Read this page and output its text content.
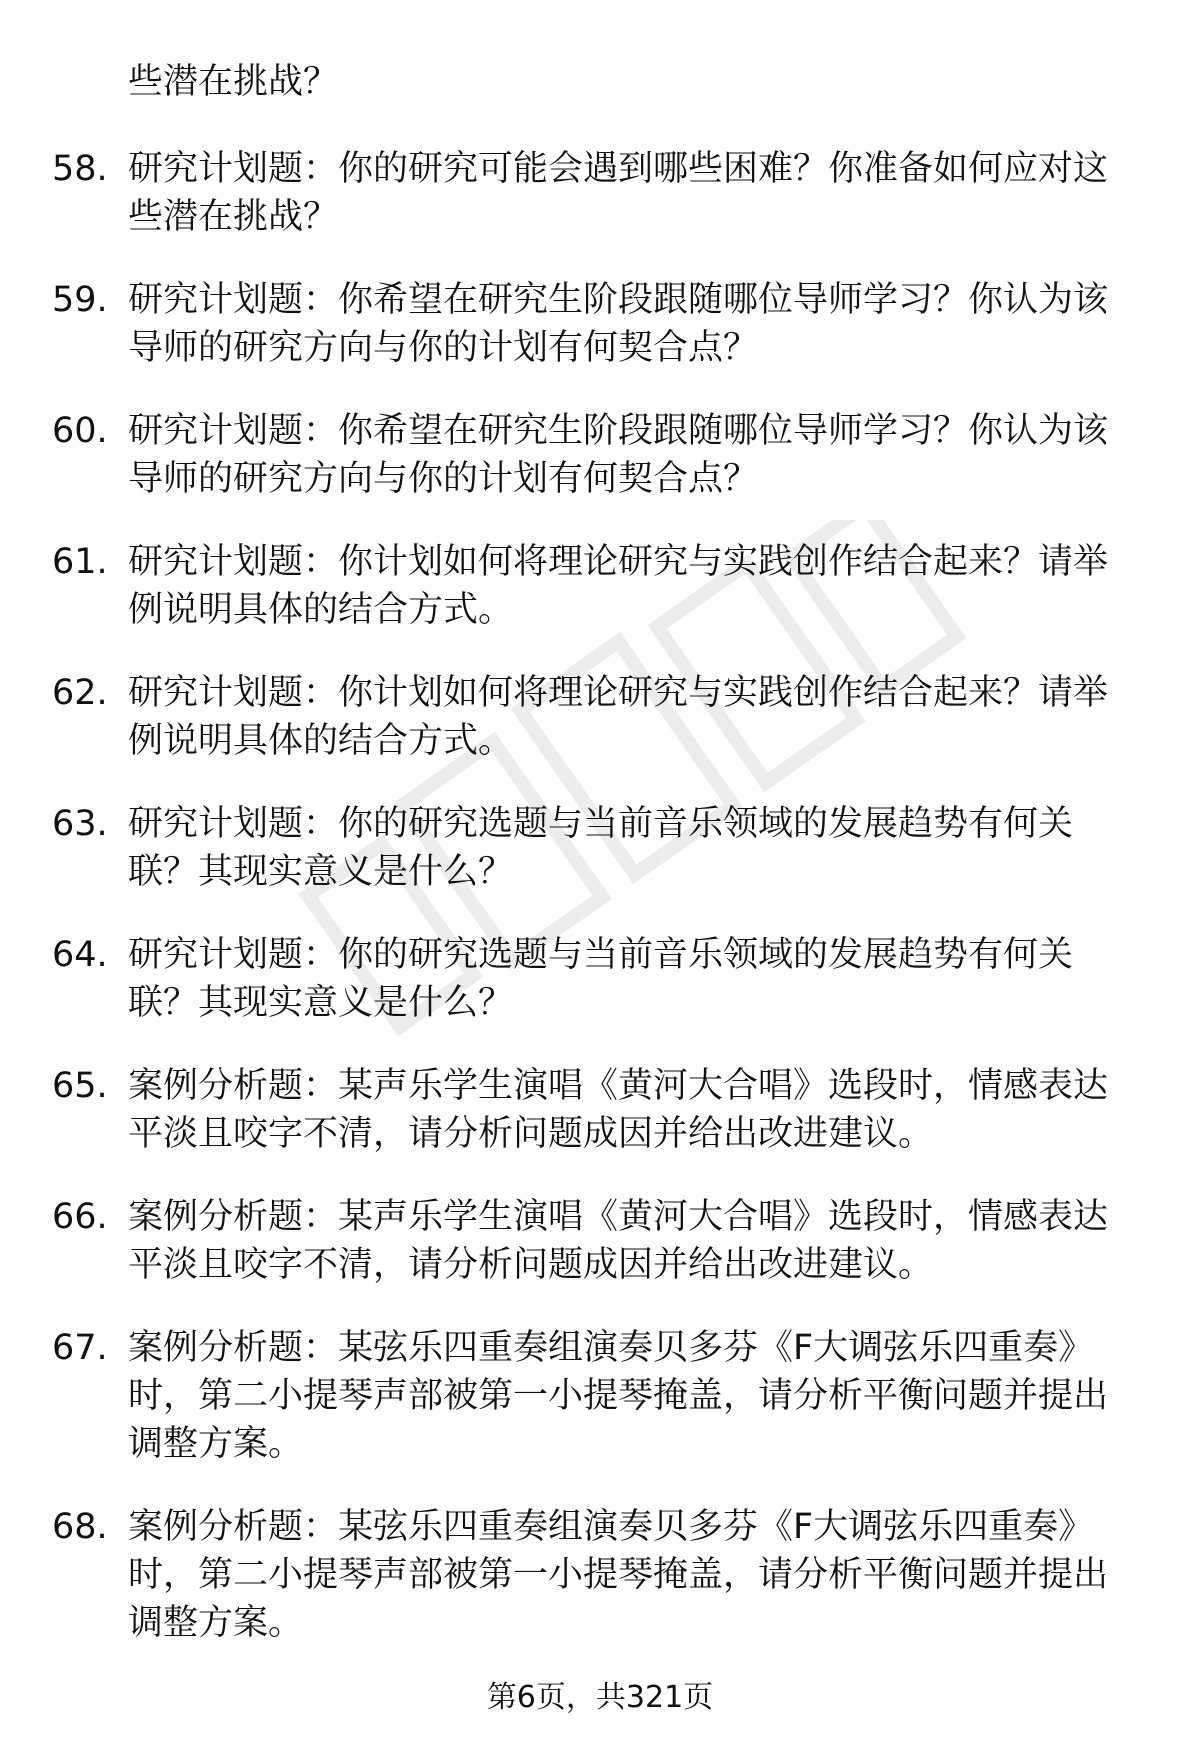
些潜在挑战？

58. 研究计划题：你的研究可能会遇到哪些困难？你准备如何应对这些潜在挑战？
59. 研究计划题：你希望在研究生阶段跟随哪位导师学习？你认为该导师的研究方向与你的计划有何契合点？
60. 研究计划题：你希望在研究生阶段跟随哪位导师学习？你认为该导师的研究方向与你的计划有何契合点？
61. 研究计划题：你计划如何将理论研究与实践创作结合起来？请举例说明具体的结合方式。
62. 研究计划题：你计划如何将理论研究与实践创作结合起来？请举例说明具体的结合方式。
63. 研究计划题：你的研究选题与当前音乐领域的发展趋势有何关联？其现实意义是什么？
64. 研究计划题：你的研究选题与当前音乐领域的发展趋势有何关联？其现实意义是什么？
65. 案例分析题：某声乐学生演唱《黄河大合唱》选段时，情感表达平淡且咬字不清，请分析问题成因并给出改进建议。
66. 案例分析题：某声乐学生演唱《黄河大合唱》选段时，情感表达平淡且咬字不清，请分析问题成因并给出改进建议。
67. 案例分析题：某弦乐四重奏组演奏贝多芬《F大调弦乐四重奏》时，第二小提琴声部被第一小提琴掩盖，请分析平衡问题并提出调整方案。
68. 案例分析题：某弦乐四重奏组演奏贝多芬《F大调弦乐四重奏》时，第二小提琴声部被第一小提琴掩盖，请分析平衡问题并提出调整方案。
第6页，共321页
